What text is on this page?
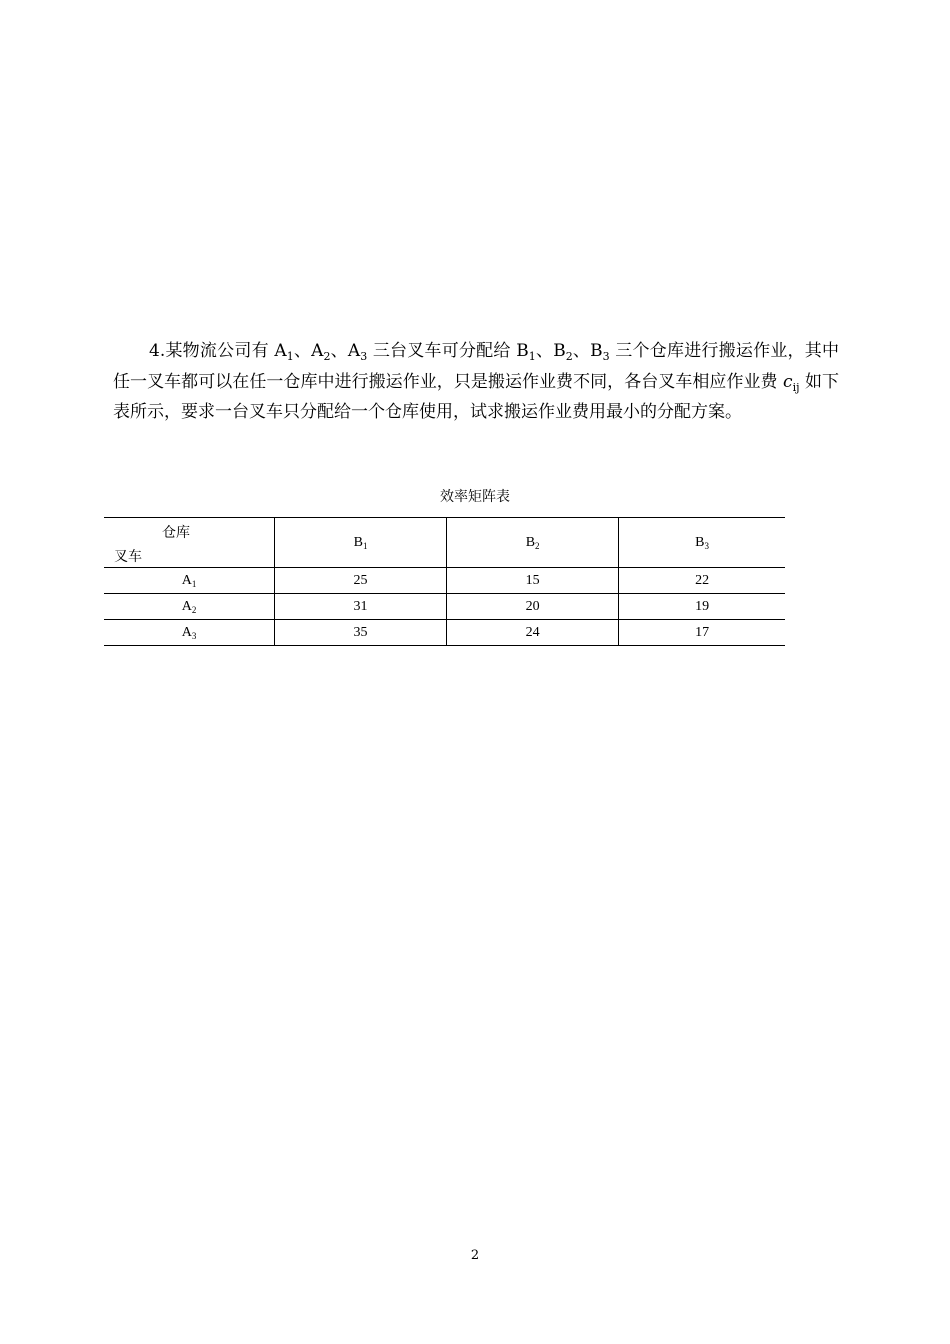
4.某物流公司有 $A_1$、$A_2$、$A_3$ 三台叉车可分配给 $B_1$、$B_2$、$B_3$ 三个仓库进行搬运作业，其中任一叉车都可以在任一仓库中进行搬运作业，只是搬运作业费不同，各台叉车相应作业费 $c_{ij}$ 如下表所示，要求一台叉车只分配给一个仓库使用，试求搬运作业费用最小的分配方案。

效率矩阵表
仓库
叉车	$B_1$	$B_2$	$B_3$
$A_1$	25	15	22
$A_2$	31	20	19
$A_3$	35	24	17
2
